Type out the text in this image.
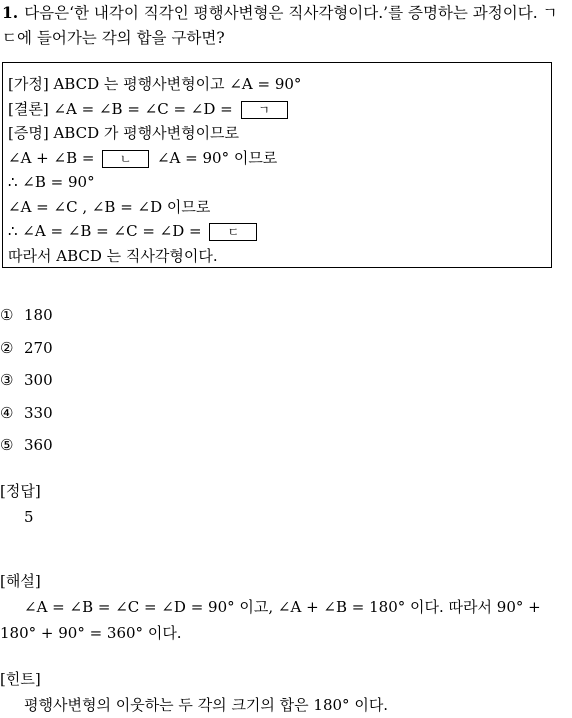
1. 다음은‘한 내각이 직각인 평행사변형은 직사각형이다.’를 증명하는 과정이다. ㄱ ㄷ에 들어가는 각의 합을 구하면?
[가정] ABCD 는 평행사변형이고 ∠A = 90°
[결론] ∠A = ∠B = ∠C = ∠D = ㄱ
[증명] ABCD 가 평행사변형이므로
∠A + ∠B = ㄴ ∠A = 90° 이므로
∴ ∠B = 90°
∠A = ∠C , ∠B = ∠D 이므로
∴ ∠A = ∠B = ∠C = ∠D = ㄷ
따라서 ABCD 는 직사각형이다.
① 180
② 270
③ 300
④ 330
⑤ 360
[정답]
5
[해설]
∠A = ∠B = ∠C = ∠D = 90° 이고, ∠A + ∠B = 180° 이다. 따라서 90° + 180° + 90° = 360° 이다.
[힌트]
평행사변형의 이웃하는 두 각의 크기의 합은 180° 이다.
